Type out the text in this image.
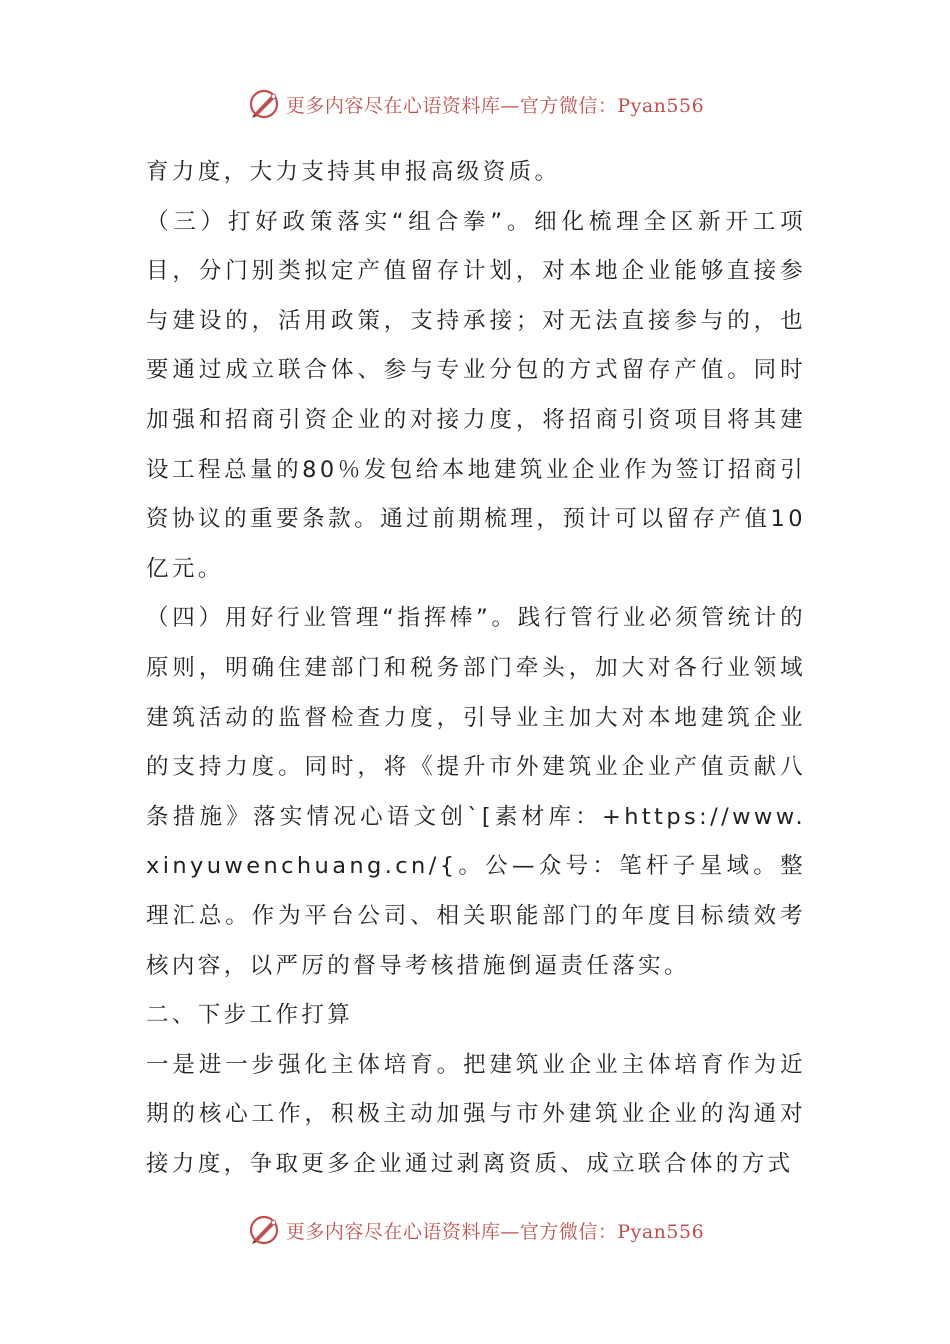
更多内容尽在心语资料库—官方微信：Pyan556

育力度，大力支持其申报高级资质。

（三）打好政策落实“组合拳”。细化梳理全区新开工项目，分门别类拟定产值留存计划，对本地企业能够直接参与建设的，活用政策，支持承接；对无法直接参与的，也要通过成立联合体、参与专业分包的方式留存产值。同时加强和招商引资企业的对接力度，将招商引资项目将其建设工程总量的80％发包给本地建筑业企业作为签订招商引资协议的重要条款。通过前期梳理，预计可以留存产值10亿元。

（四）用好行业管理“指挥棒”。践行管行业必须管统计的原则，明确住建部门和税务部门牵头，加大对各行业领域建筑活动的监督检查力度，引导业主加大对本地建筑企业的支持力度。同时，将《提升市外建筑业企业产值贡献八条措施》落实情况心语文创`[素材库：+https://www.xinyuwenchuang.cn/{。公—众号：笔杆子星域。整理汇总。作为平台公司、相关职能部门的年度目标绩效考核内容，以严厉的督导考核措施倒逼责任落实。

二、下步工作打算

一是进一步强化主体培育。把建筑业企业主体培育作为近期的核心工作，积极主动加强与市外建筑业企业的沟通对接力度，争取更多企业通过剥离资质、成立联合体的方式

更多内容尽在心语资料库—官方微信：Pyan556
